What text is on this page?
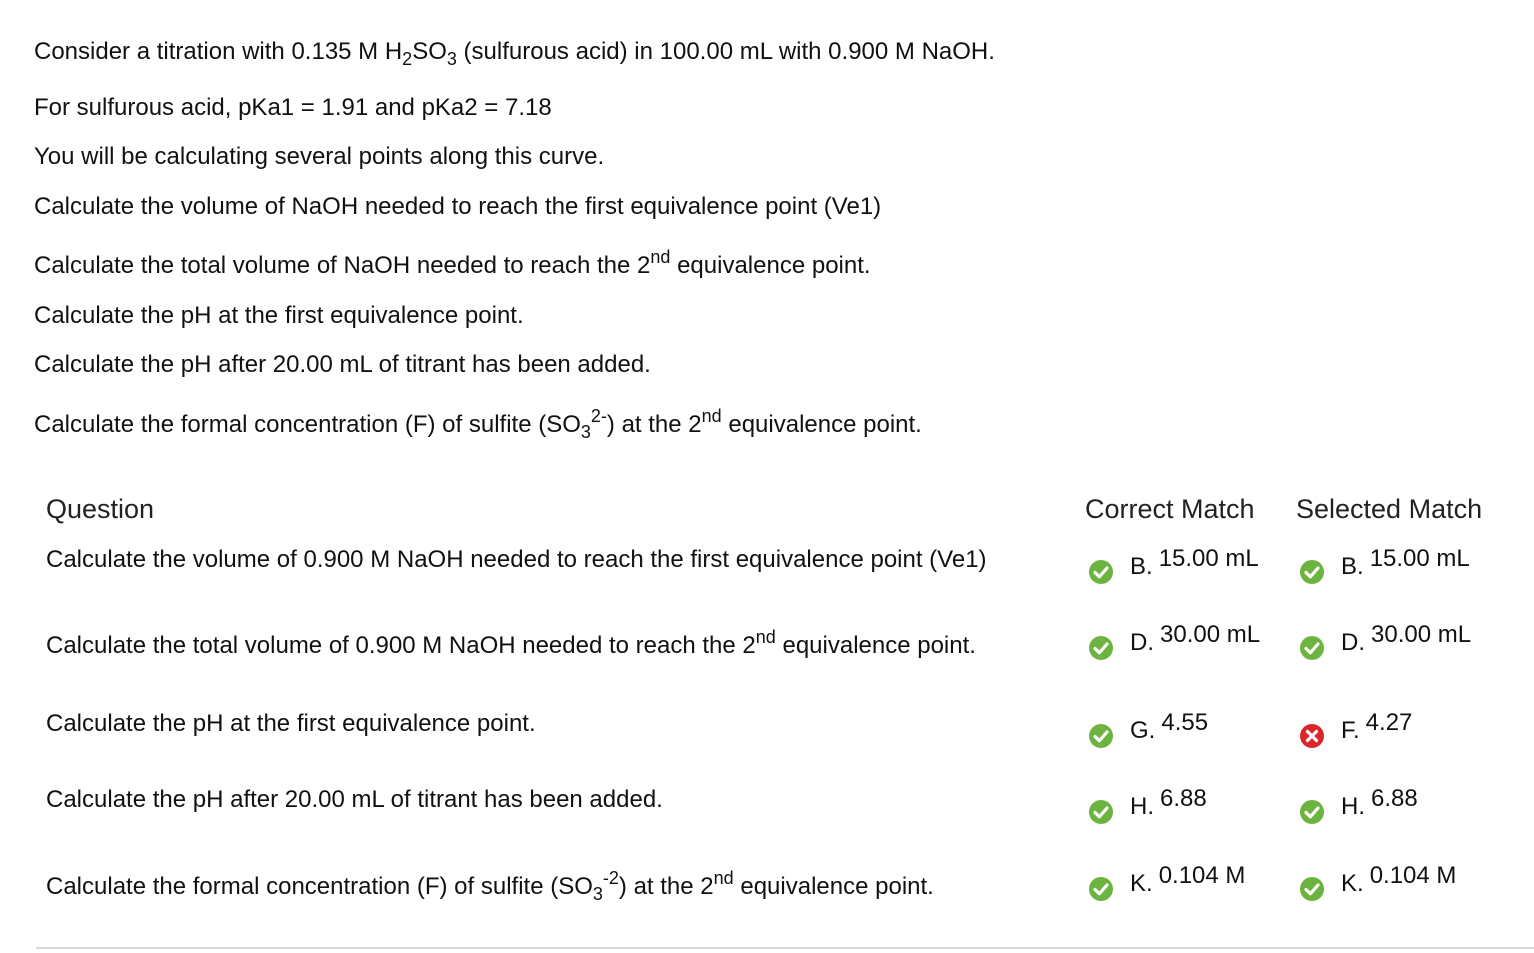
Consider a titration with 0.135 M $H_2SO_3$ (sulfurous acid) in 100.00 mL with 0.900 M NaOH.

For sulfurous acid, pKa1 = 1.91 and pKa2 = 7.18

You will be calculating several points along this curve.

Calculate the volume of NaOH needed to reach the first equivalence point (Ve1)

Calculate the total volume of NaOH needed to reach the 2nd equivalence point.

Calculate the pH at the first equivalence point.

Calculate the pH after 20.00 mL of titrant has been added.

Calculate the formal concentration (F) of sulfite $(SO_3^{2-})$ at the 2nd equivalence point.

Question	Correct Match Selected Match
Calculate the volume of 0.900 M NaOH needed to reach the first equivalence point (Ve1)	B. 15.00 mL	B. 15.00 mL
Calculate the total volume of 0.900 M NaOH needed to reach the 2nd equivalence point.	D. 30.00 mL	D. 30.00 mL
Calculate the pH at the first equivalence point.	G. 4.55	F. 4.27
Calculate the pH after 20.00 mL of titrant has been added.	H. 6.88	H. 6.88
Calculate the formal concentration (F) of sulfite $(SO_3^{-2})$ at the 2nd equivalence point.	K. 0.104 M	K. 0.104 M
